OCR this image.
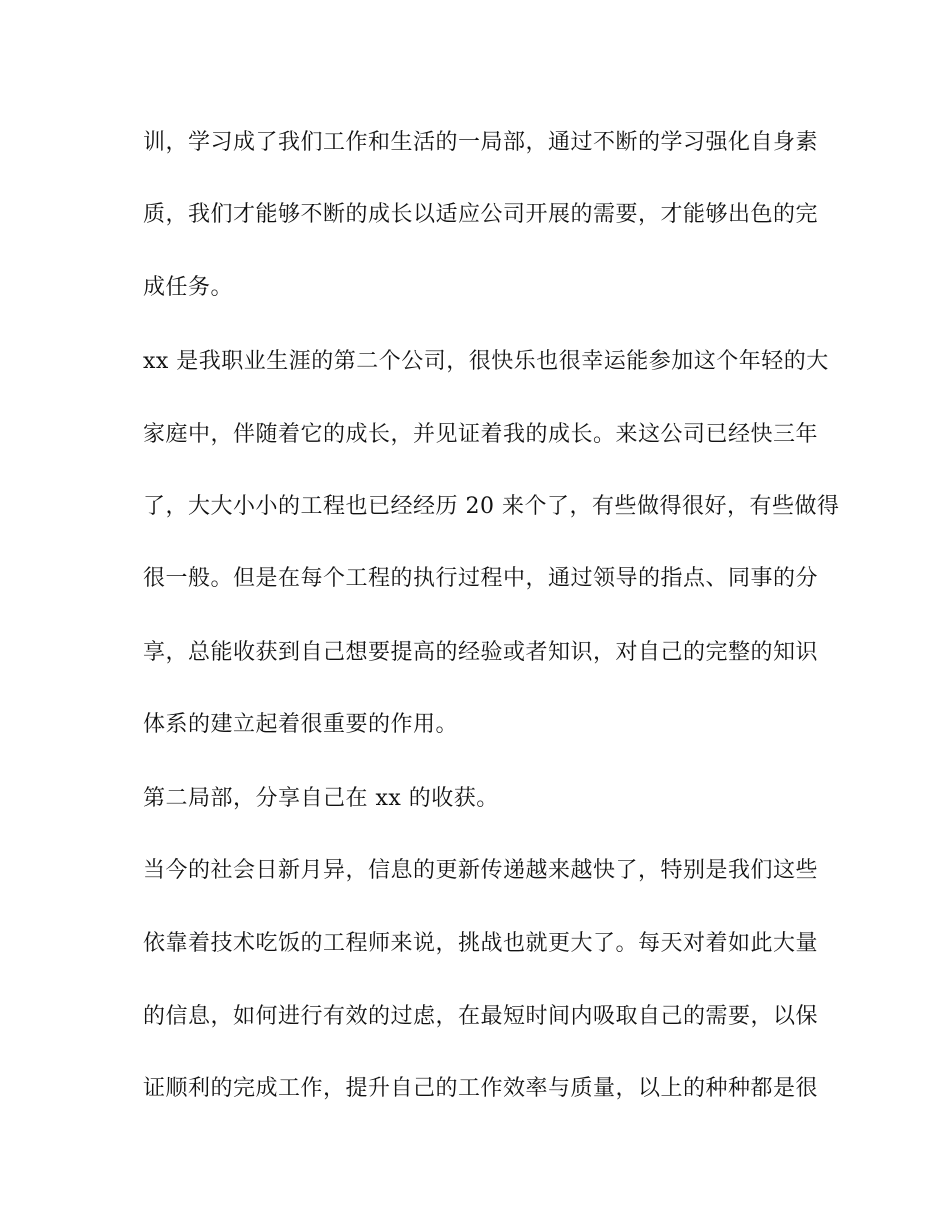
训，学习成了我们工作和生活的一局部，通过不断的学习强化自身素

质，我们才能够不断的成长以适应公司开展的需要，才能够出色的完

成任务。

xx 是我职业生涯的第二个公司，很快乐也很幸运能参加这个年轻的大

家庭中，伴随着它的成长，并见证着我的成长。来这公司已经快三年

了，大大小小的工程也已经经历 20 来个了，有些做得很好，有些做得

很一般。但是在每个工程的执行过程中，通过领导的指点、同事的分

享，总能收获到自己想要提高的经验或者知识，对自己的完整的知识

体系的建立起着很重要的作用。

第二局部，分享自己在 xx 的收获。

当今的社会日新月异，信息的更新传递越来越快了，特别是我们这些

依靠着技术吃饭的工程师来说，挑战也就更大了。每天对着如此大量

的信息，如何进行有效的过虑，在最短时间内吸取自己的需要，以保

证顺利的完成工作，提升自己的工作效率与质量，以上的种种都是很
